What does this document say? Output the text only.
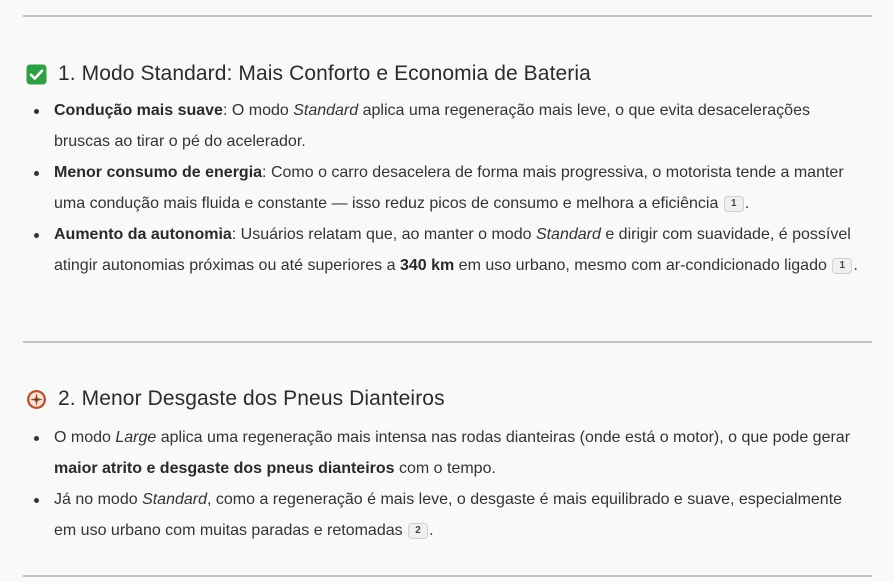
1. Modo Standard: Mais Conforto e Economia de Bateria
Condução mais suave: O modo Standard aplica uma regeneração mais leve, o que evita desacelerações bruscas ao tirar o pé do acelerador.
Menor consumo de energia: Como o carro desacelera de forma mais progressiva, o motorista tende a manter uma condução mais fluida e constante — isso reduz picos de consumo e melhora a eficiência 1 .
Aumento da autonomia: Usuários relatam que, ao manter o modo Standard e dirigir com suavidade, é possível atingir autonomias próximas ou até superiores a 340 km em uso urbano, mesmo com ar-condicionado ligado 1 .
2. Menor Desgaste dos Pneus Dianteiros
O modo Large aplica uma regeneração mais intensa nas rodas dianteiras (onde está o motor), o que pode gerar maior atrito e desgaste dos pneus dianteiros com o tempo.
Já no modo Standard, como a regeneração é mais leve, o desgaste é mais equilibrado e suave, especialmente em uso urbano com muitas paradas e retomadas 2 .
